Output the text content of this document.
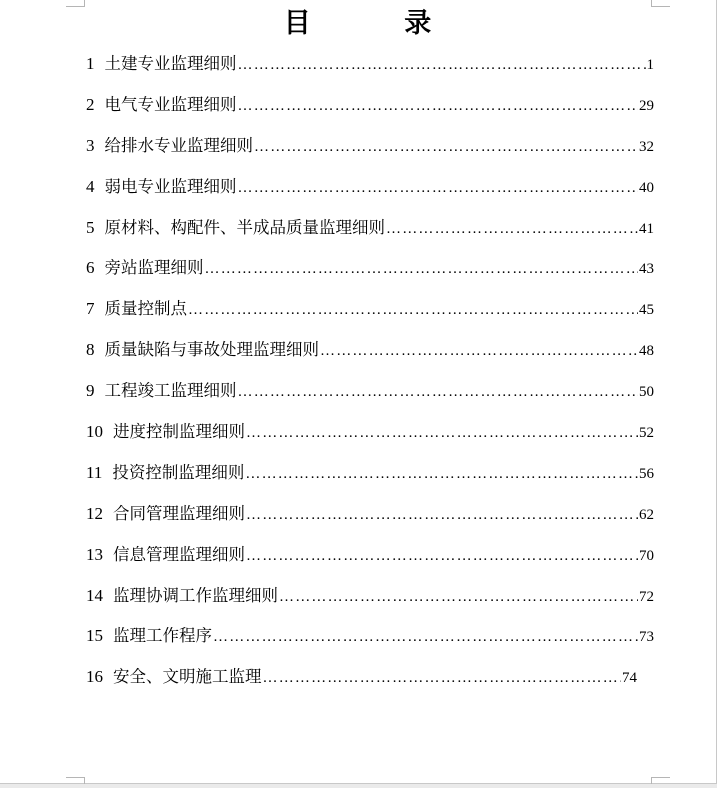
目 录
1 土建专业监理细则 ………………………………………………………………………………………………………………	1
2 电气专业监理细则 ………………………………………………………………………………………………………………	29
3 给排水专业监理细则 ………………………………………………………………………………………………………………	32
4 弱电专业监理细则 ………………………………………………………………………………………………………………	40
5 原材料、构配件、半成品质量监理细则 ………………………………………………………………………………………………………………	41
6 旁站监理细则 ………………………………………………………………………………………………………………	43
7 质量控制点 ………………………………………………………………………………………………………………	45
8 质量缺陷与事故处理监理细则 ………………………………………………………………………………………………………………	48
9 工程竣工监理细则 ………………………………………………………………………………………………………………	50
10 进度控制监理细则 ………………………………………………………………………………………………………………	52
11 投资控制监理细则 ………………………………………………………………………………………………………………	56
12 合同管理监理细则 ………………………………………………………………………………………………………………	62
13 信息管理监理细则 ………………………………………………………………………………………………………………	70
14 监理协调工作监理细则 ………………………………………………………………………………………………………………	72
15 监理工作程序 ………………………………………………………………………………………………………………	73
16 安全、文明施工监理 ………………………………………………………………………………………………………………	74
